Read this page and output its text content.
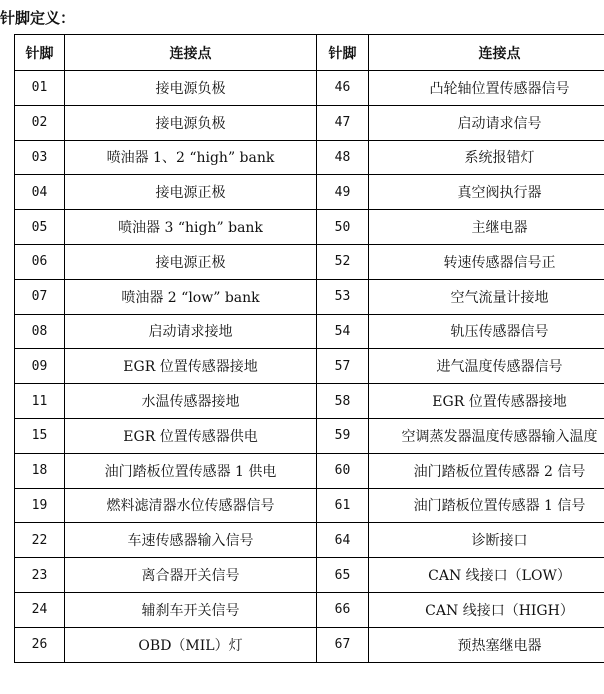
针脚定义：
针脚	连接点	针脚	连接点
01	接电源负极	46	凸轮轴位置传感器信号
02	接电源负极	47	启动请求信号
03	喷油器 1、2 “high” bank	48	系统报错灯
04	接电源正极	49	真空阀执行器
05	喷油器 3 “high” bank	50	主继电器
06	接电源正极	52	转速传感器信号正
07	喷油器 2 “low” bank	53	空气流量计接地
08	启动请求接地	54	轨压传感器信号
09	EGR 位置传感器接地	57	进气温度传感器信号
11	水温传感器接地	58	EGR 位置传感器接地
15	EGR 位置传感器供电	59	空调蒸发器温度传感器输入温度
18	油门踏板位置传感器 1 供电	60	油门踏板位置传感器 2 信号
19	燃料滤清器水位传感器信号	61	油门踏板位置传感器 1 信号
22	车速传感器输入信号	64	诊断接口
23	离合器开关信号	65	CAN 线接口（LOW）
24	辅刹车开关信号	66	CAN 线接口（HIGH）
26	OBD（MIL）灯	67	预热塞继电器
